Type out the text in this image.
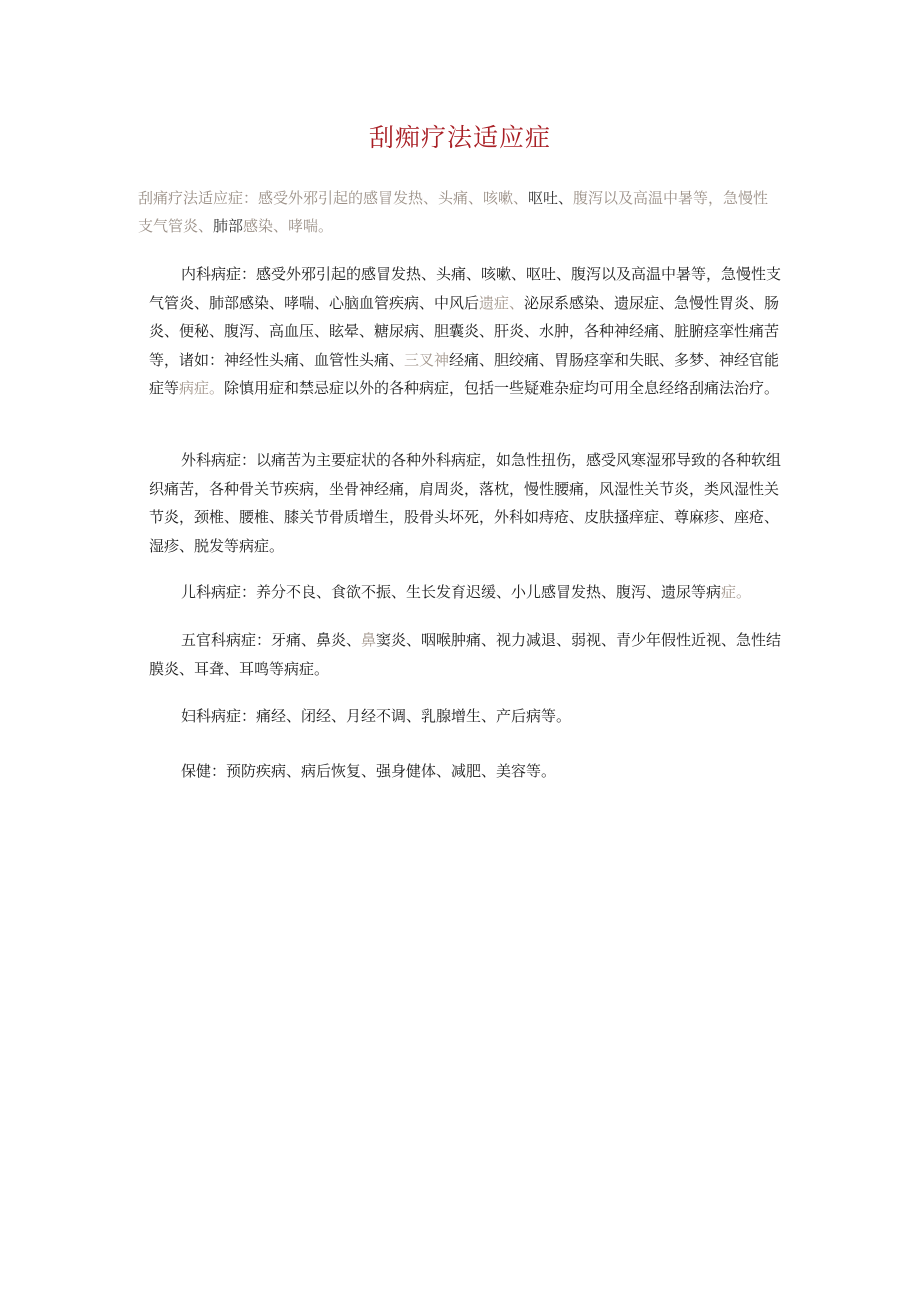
刮痴疗法适应症

刮痛疗法适应症：感受外邪引起的感冒发热、头痛、咳嗽、呕吐、腹泻以及高温中暑等，急慢性支气管炎、肺部感染、哮喘。

内科病症：感受外邪引起的感冒发热、头痛、咳嗽、呕吐、腹泻以及高温中暑等，急慢性支气管炎、肺部感染、哮喘、心脑血管疾病、中风后遗症、泌尿系感染、遗尿症、急慢性胃炎、肠炎、便秘、腹泻、高血压、眩晕、糖尿病、胆囊炎、肝炎、水肿，各种神经痛、脏腑痉挛性痛苦等，诸如：神经性头痛、血管性头痛、三叉神经痛、胆绞痛、胃肠痉挛和失眠、多梦、神经官能症等病症。除慎用症和禁忌症以外的各种病症，包括一些疑难杂症均可用全息经络刮痛法治疗。

外科病症：以痛苦为主要症状的各种外科病症，如急性扭伤，感受风寒湿邪导致的各种软组织痛苦，各种骨关节疾病，坐骨神经痛，肩周炎，落枕，慢性腰痛，风湿性关节炎，类风湿性关节炎，颈椎、腰椎、膝关节骨质增生，股骨头坏死，外科如痔疮、皮肤搔痒症、尊麻疹、座疮、湿疹、脱发等病症。

儿科病症：养分不良、食欲不振、生长发育迟缓、小儿感冒发热、腹泻、遗尿等病症。

五官科病症：牙痛、鼻炎、鼻窦炎、咽喉肿痛、视力减退、弱视、青少年假性近视、急性结膜炎、耳聋、耳鸣等病症。

妇科病症：痛经、闭经、月经不调、乳腺增生、产后病等。

保健：预防疾病、病后恢复、强身健体、减肥、美容等。
